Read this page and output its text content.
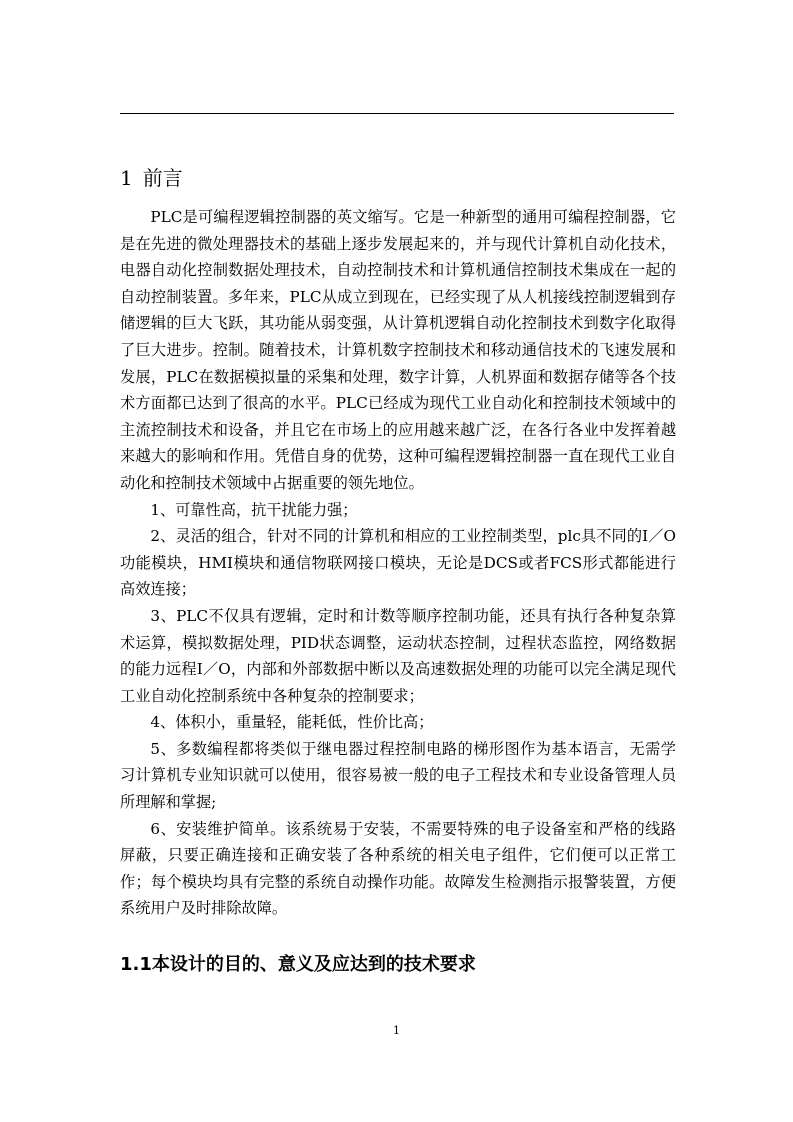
1 前言

PLC是可编程逻辑控制器的英文缩写。它是一种新型的通用可编程控制器，它是在先进的微处理器技术的基础上逐步发展起来的，并与现代计算机自动化技术，电器自动化控制数据处理技术，自动控制技术和计算机通信控制技术集成在一起的自动控制装置。多年来，PLC从成立到现在，已经实现了从人机接线控制逻辑到存储逻辑的巨大飞跃，其功能从弱变强，从计算机逻辑自动化控制技术到数字化取得了巨大进步。控制。随着技术，计算机数字控制技术和移动通信技术的飞速发展和发展，PLC在数据模拟量的采集和处理，数字计算，人机界面和数据存储等各个技术方面都已达到了很高的水平。PLC已经成为现代工业自动化和控制技术领域中的主流控制技术和设备，并且它在市场上的应用越来越广泛，在各行各业中发挥着越来越大的影响和作用。凭借自身的优势，这种可编程逻辑控制器一直在现代工业自动化和控制技术领域中占据重要的领先地位。

1、可靠性高，抗干扰能力强；

2、灵活的组合，针对不同的计算机和相应的工业控制类型，plc具不同的I／O功能模块，HMI模块和通信物联网接口模块，无论是DCS或者FCS形式都能进行高效连接；

3、PLC不仅具有逻辑，定时和计数等顺序控制功能，还具有执行各种复杂算术运算，模拟数据处理，PID状态调整，运动状态控制，过程状态监控，网络数据的能力远程I／O，内部和外部数据中断以及高速数据处理的功能可以完全满足现代工业自动化控制系统中各种复杂的控制要求；

4、体积小，重量轻，能耗低，性价比高；

5、多数编程都将类似于继电器过程控制电路的梯形图作为基本语言，无需学习计算机专业知识就可以使用，很容易被一般的电子工程技术和专业设备管理人员所理解和掌握;

6、安装维护简单。该系统易于安装，不需要特殊的电子设备室和严格的线路屏蔽，只要正确连接和正确安装了各种系统的相关电子组件，它们便可以正常工作；每个模块均具有完整的系统自动操作功能。故障发生检测指示报警装置，方便系统用户及时排除故障。

1.1本设计的目的、意义及应达到的技术要求
1
